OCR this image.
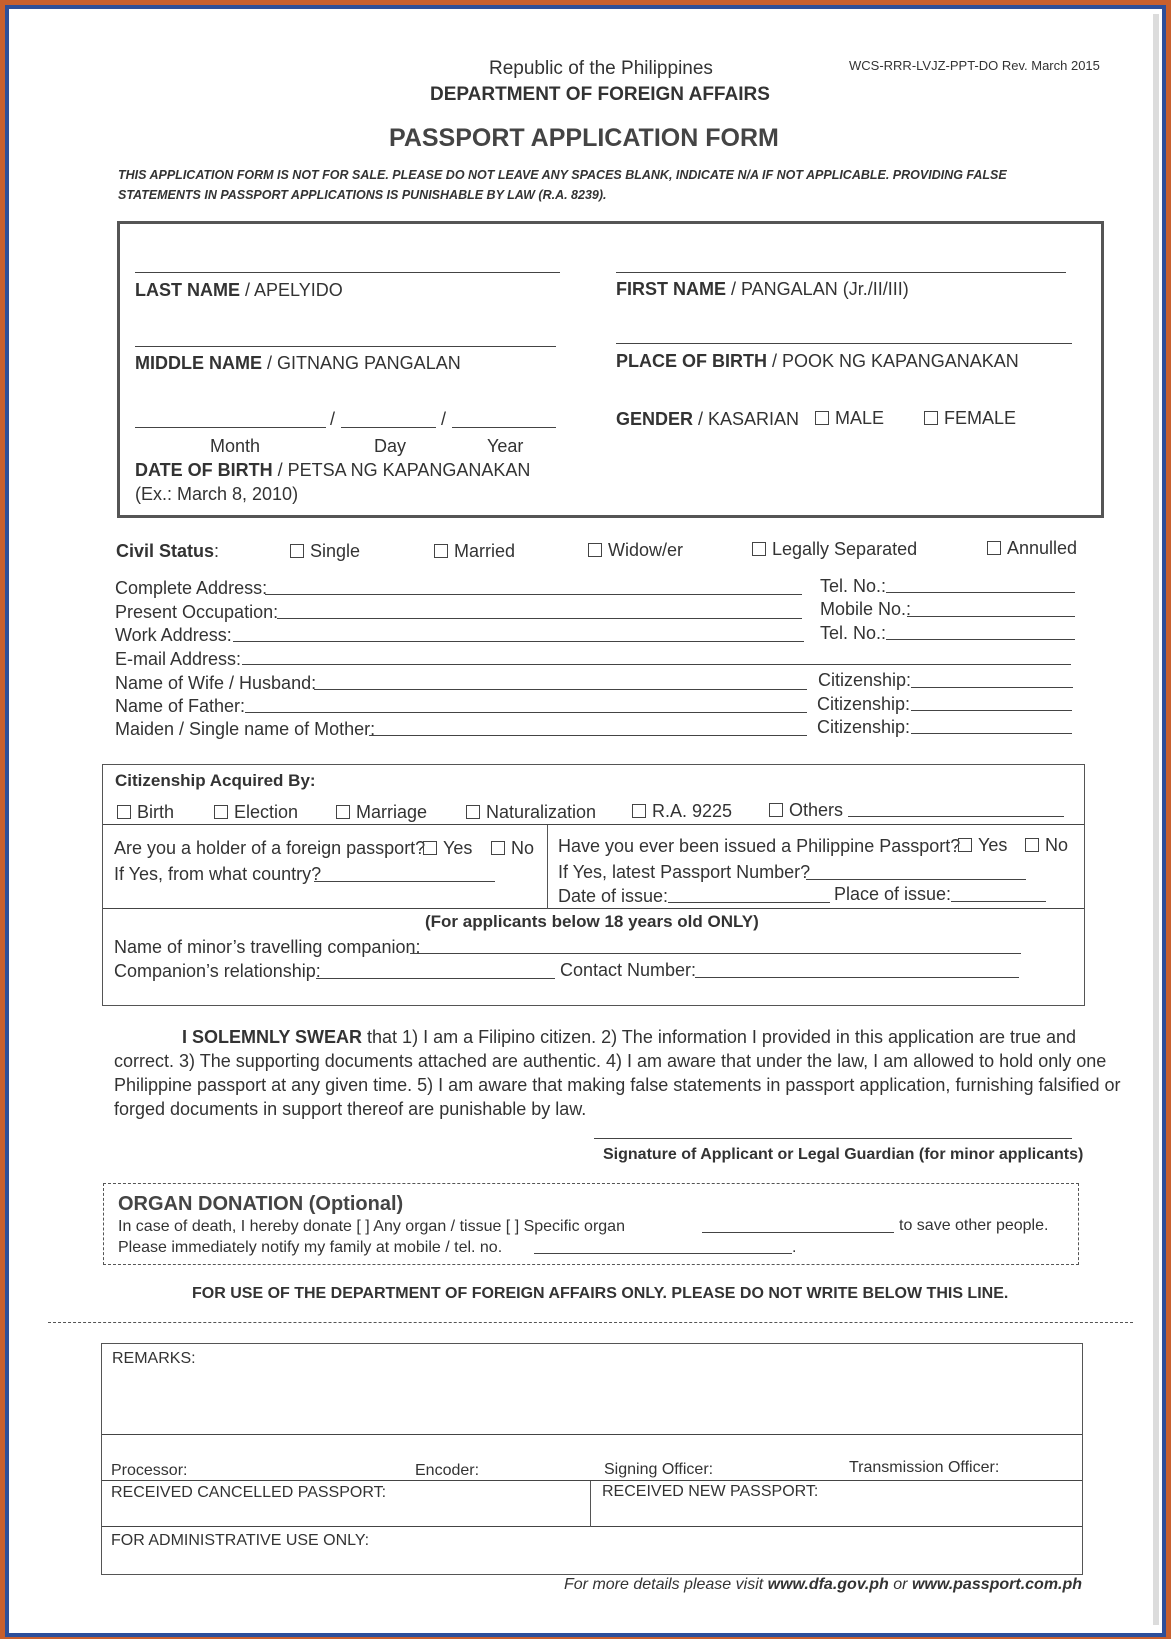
Republic of the Philippines
DEPARTMENT OF FOREIGN AFFAIRS
WCS-RRR-LVJZ-PPT-DO Rev. March 2015
PASSPORT APPLICATION FORM
THIS APPLICATION FORM IS NOT FOR SALE. PLEASE DO NOT LEAVE ANY SPACES BLANK, INDICATE N/A IF NOT APPLICABLE. PROVIDING FALSE
STATEMENTS IN PASSPORT APPLICATIONS IS PUNISHABLE BY LAW (R.A. 8239).
LAST NAME / APELYIDO	FIRST NAME / PANGALAN (Jr./II/III)
MIDDLE NAME / GITNANG PANGALAN	PLACE OF BIRTH / POOK NG KAPANGANAKAN
/	/
Month	Day	Year
DATE OF BIRTH / PETSA NG KAPANGANAKAN
(Ex.: March 8, 2010)
GENDER / KASARIAN	MALE	FEMALE
Civil Status:	Single	Married	Widow/er	Legally Separated	Annulled
Complete Address:	Tel. No.:
Present Occupation:	Mobile No.:
Work Address:	Tel. No.:
E-mail Address:
Name of Wife / Husband:	Citizenship:
Name of Father:	Citizenship:
Maiden / Single name of Mother:	Citizenship:
Citizenship Acquired By:
Birth	Election	Marriage	Naturalization	R.A. 9225	Others
Are you a holder of a foreign passport? Yes	No
If Yes, from what country?
Have you ever been issued a Philippine Passport? Yes	No
If Yes, latest Passport Number?
Date of issue:	Place of issue:
(For applicants below 18 years old ONLY)
Name of minor’s travelling companion:
Companion’s relationship:	Contact Number:
I SOLEMNLY SWEAR that 1) I am a Filipino citizen. 2) The information I provided in this application are true and
correct. 3) The supporting documents attached are authentic. 4) I am aware that under the law, I am allowed to hold only one
Philippine passport at any given time. 5) I am aware that making false statements in passport application, furnishing falsified or
forged documents in support thereof are punishable by law.
Signature of Applicant or Legal Guardian (for minor applicants)
ORGAN DONATION (Optional)
In case of death, I hereby donate [ ] Any organ / tissue [ ] Specific organ	to save other people.
Please immediately notify my family at mobile / tel. no.	.
FOR USE OF THE DEPARTMENT OF FOREIGN AFFAIRS ONLY. PLEASE DO NOT WRITE BELOW THIS LINE.
REMARKS:
Processor:	Encoder:	Signing Officer:	Transmission Officer:
RECEIVED CANCELLED PASSPORT:	RECEIVED NEW PASSPORT:
FOR ADMINISTRATIVE USE ONLY:
For more details please visit www.dfa.gov.ph or www.passport.com.ph
